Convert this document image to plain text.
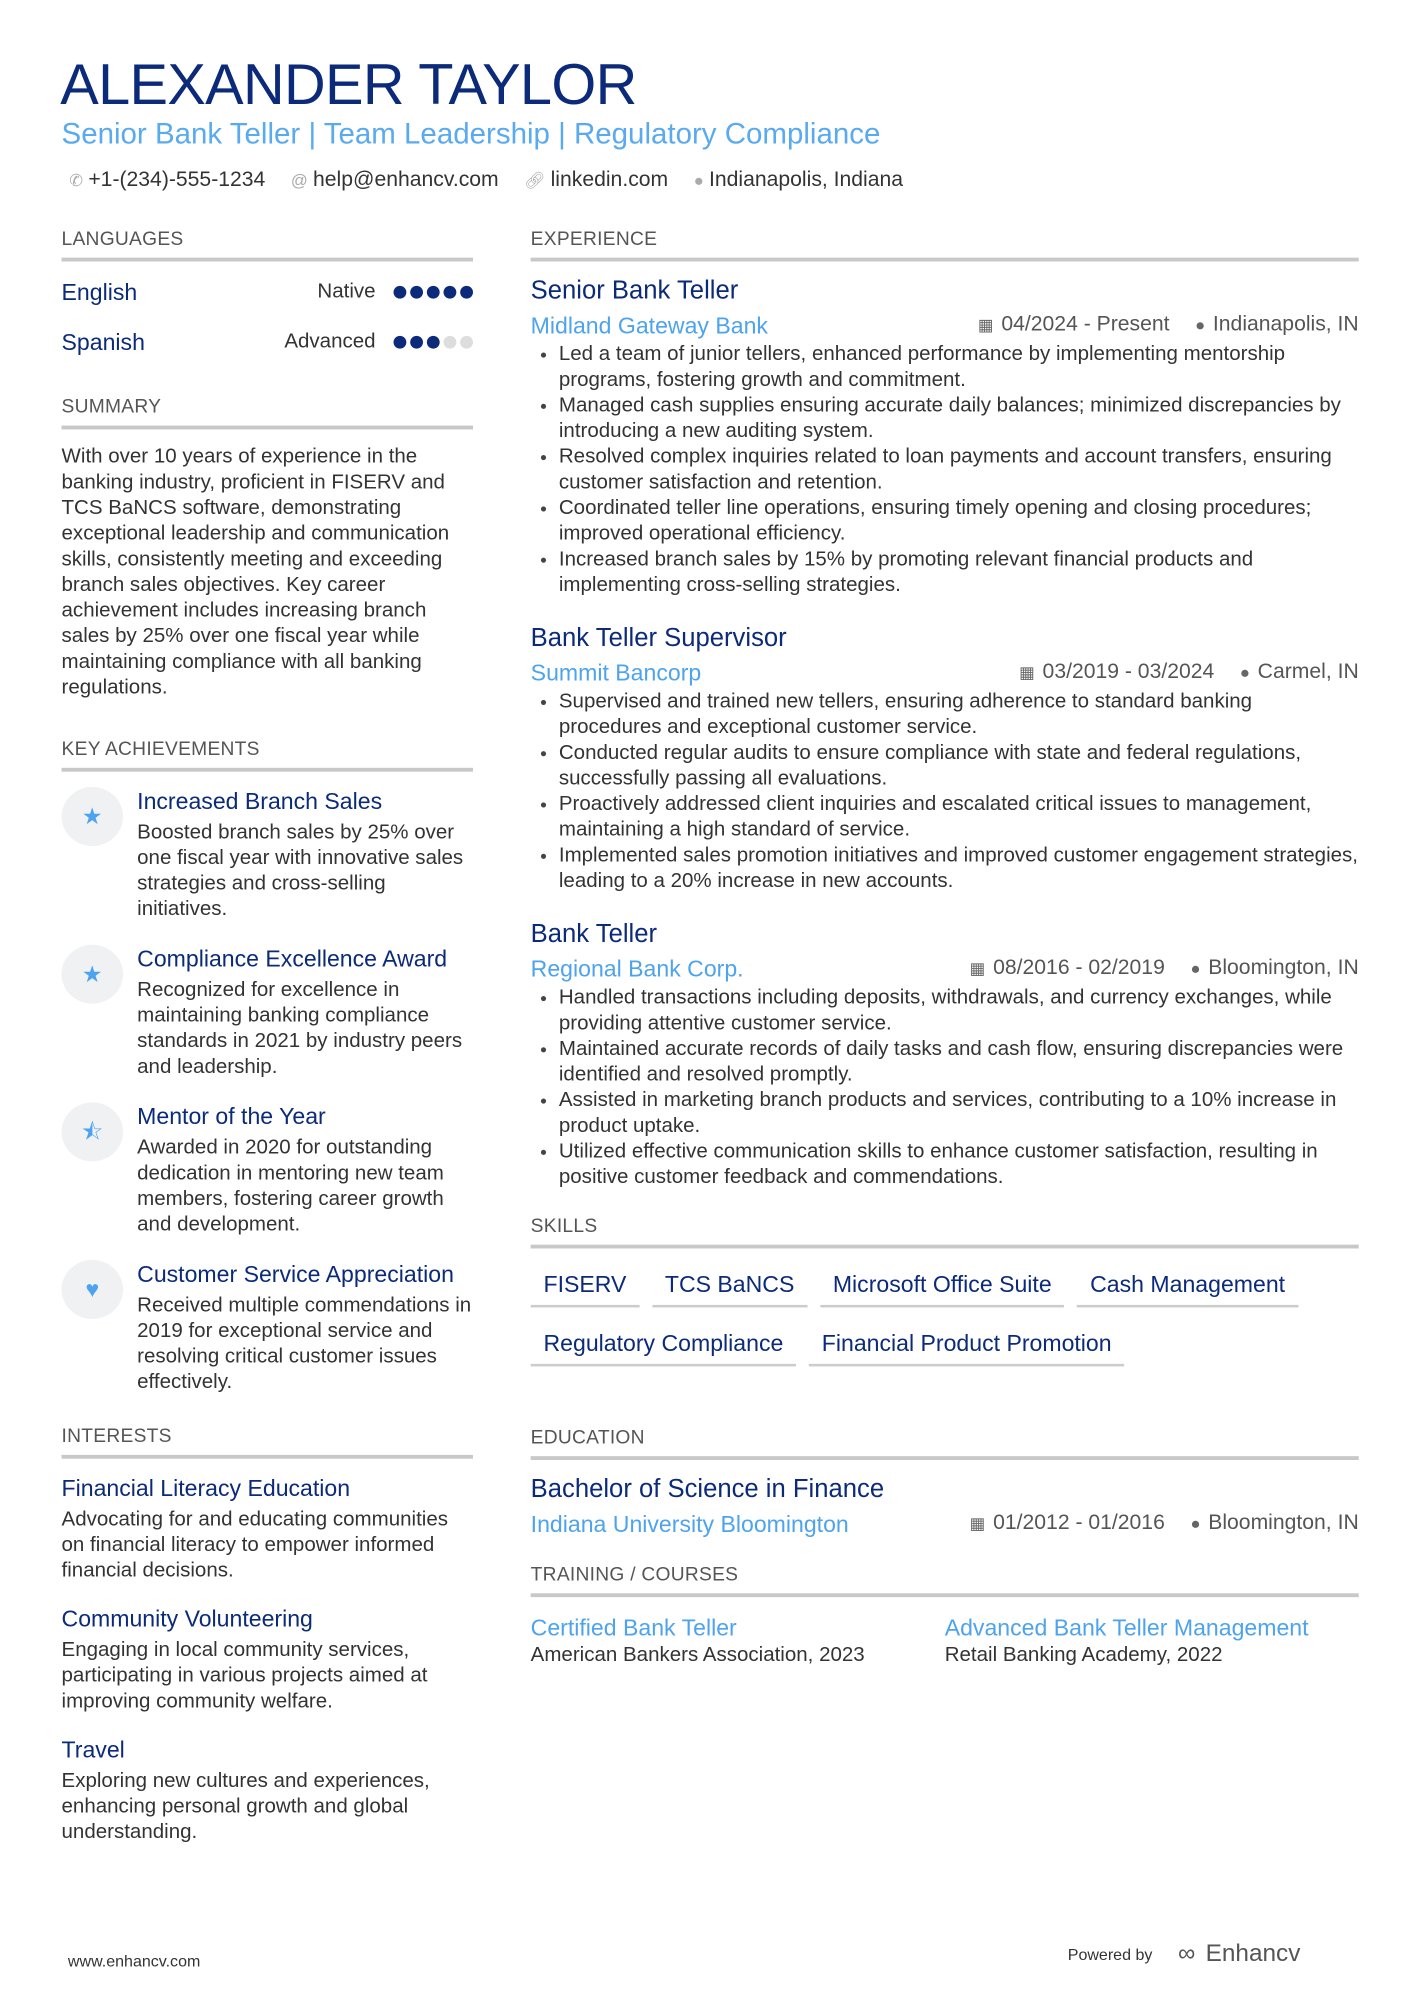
ALEXANDER TAYLOR
Senior Bank Teller | Team Leadership | Regulatory Compliance
✆ +1-(234)-555-1234 @ help@enhancv.com 🔗︎ linkedin.com ● Indianapolis, Indiana
LANGUAGES
English	Native
Spanish	Advanced
SUMMARY
With over 10 years of experience in the banking industry, proficient in FISERV and TCS BaNCS software, demonstrating exceptional leadership and communication skills, consistently meeting and exceeding branch sales objectives. Key career achievement includes increasing branch sales by 25% over one fiscal year while maintaining compliance with all banking regulations.
KEY ACHIEVEMENTS
★
Increased Branch Sales
Boosted branch sales by 25% over one fiscal year with innovative sales strategies and cross-selling initiatives.
★
Compliance Excellence Award
Recognized for excellence in maintaining banking compliance standards in 2021 by industry peers and leadership.
⯪
Mentor of the Year
Awarded in 2020 for outstanding dedication in mentoring new team members, fostering career growth and development.
♥
Customer Service Appreciation
Received multiple commendations in 2019 for exceptional service and resolving critical customer issues effectively.
INTERESTS
Financial Literacy Education
Advocating for and educating communities on financial literacy to empower informed financial decisions.
Community Volunteering
Engaging in local community services, participating in various projects aimed at improving community welfare.
Travel
Exploring new cultures and experiences, enhancing personal growth and global understanding.
EXPERIENCE
Senior Bank Teller
Midland Gateway Bank	▦ 04/2024 - Present ● Indianapolis, IN
Led a team of junior tellers, enhanced performance by implementing mentorship programs, fostering growth and commitment.
Managed cash supplies ensuring accurate daily balances; minimized discrepancies by introducing a new auditing system.
Resolved complex inquiries related to loan payments and account transfers, ensuring customer satisfaction and retention.
Coordinated teller line operations, ensuring timely opening and closing procedures; improved operational efficiency.
Increased branch sales by 15% by promoting relevant financial products and implementing cross-selling strategies.
Bank Teller Supervisor
Summit Bancorp	▦ 03/2019 - 03/2024 ● Carmel, IN
Supervised and trained new tellers, ensuring adherence to standard banking procedures and exceptional customer service.
Conducted regular audits to ensure compliance with state and federal regulations, successfully passing all evaluations.
Proactively addressed client inquiries and escalated critical issues to management, maintaining a high standard of service.
Implemented sales promotion initiatives and improved customer engagement strategies, leading to a 20% increase in new accounts.
Bank Teller
Regional Bank Corp.	▦ 08/2016 - 02/2019 ● Bloomington, IN
Handled transactions including deposits, withdrawals, and currency exchanges, while providing attentive customer service.
Maintained accurate records of daily tasks and cash flow, ensuring discrepancies were identified and resolved promptly.
Assisted in marketing branch products and services, contributing to a 10% increase in product uptake.
Utilized effective communication skills to enhance customer satisfaction, resulting in positive customer feedback and commendations.
SKILLS
FISERV	TCS BaNCS	Microsoft Office Suite	Cash Management
Regulatory Compliance	Financial Product Promotion
EDUCATION
Bachelor of Science in Finance
Indiana University Bloomington	▦ 01/2012 - 01/2016 ● Bloomington, IN
TRAINING / COURSES
Certified Bank Teller
American Bankers Association, 2023
Advanced Bank Teller Management
Retail Banking Academy, 2022
www.enhancv.com	Powered by ∞ Enhancv
